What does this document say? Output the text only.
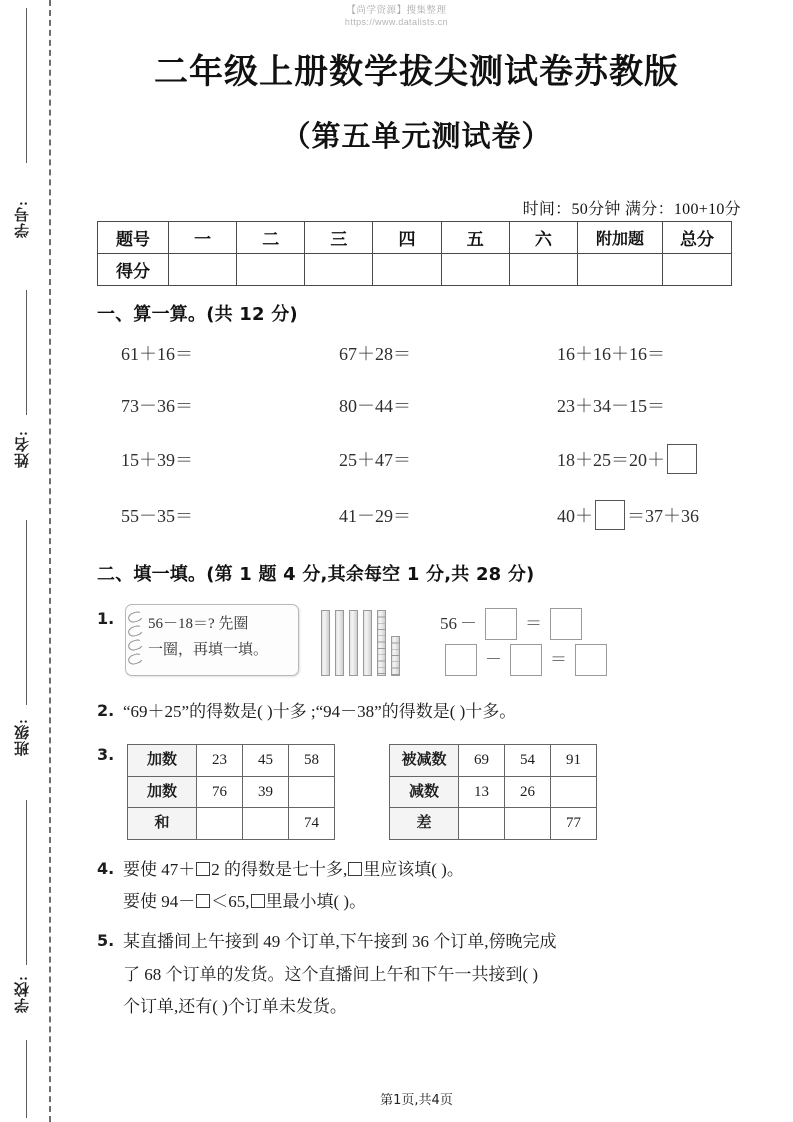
【尚学资源】搜集整理
https://www.datalists.cn
学号:
姓名:
班级:
学校:
二年级上册数学拔尖测试卷苏教版
（第五单元测试卷）
时间：50分钟 满分：100+10分
题号	一	二	三	四	五	六	附加题	总分
得分								
一、算一算。(共 12 分)
61＋16＝	67＋28＝	16＋16＋16＝
73－36＝	80－44＝	23＋34－15＝
15＋39＝	25＋47＝	18＋25＝20＋
55－35＝	41－29＝	40＋ ＝37＋36
二、填一填。(第 1 题 4 分,其余每空 1 分,共 28 分)
1.	56－18＝? 先圈
一圈，再填一填。
56 －	＝
－	＝
2. “69＋25”的得数是( )十多 ;“94－38”的得数是( )十多。
3.	加数	23	45	58
加数	76	39	
和			74
被减数	69	54	91
减数	13	26	
差			77
4. 要使 47＋ 2 的得数是七十多, 里应该填( )。
要使 94－ ＜65, 里最小填( )。
5. 某直播间上午接到 49 个订单,下午接到 36 个订单,傍晚完成
了 68 个订单的发货。这个直播间上午和下午一共接到( )
个订单,还有( )个订单未发货。
第1页,共4页
